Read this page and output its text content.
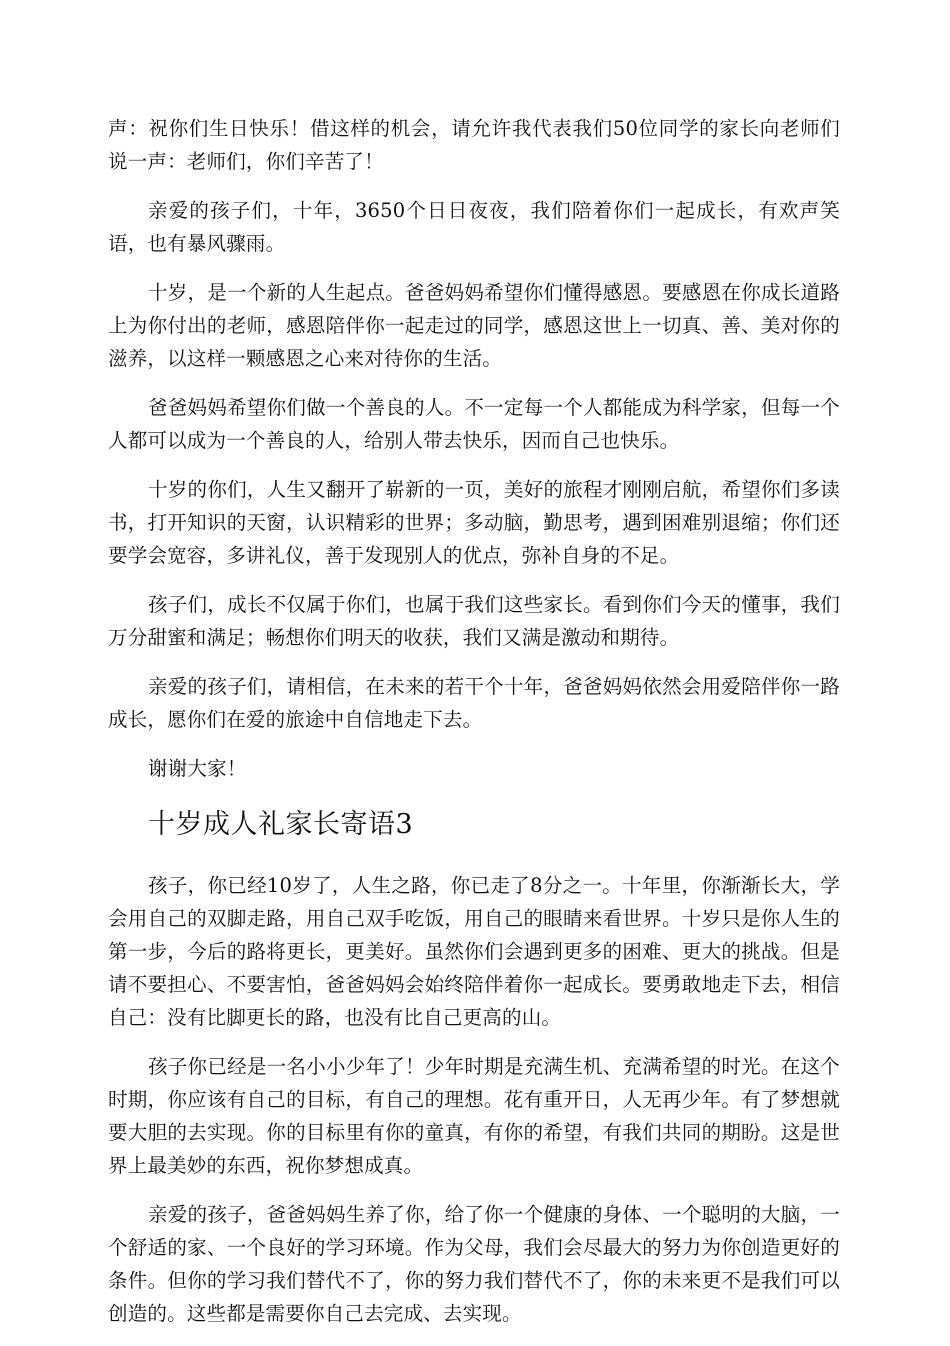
声：祝你们生日快乐！借这样的机会，请允许我代表我们50位同学的家长向老师们说一声：老师们，你们辛苦了！

亲爱的孩子们，十年，3650个日日夜夜，我们陪着你们一起成长，有欢声笑语，也有暴风骤雨。

十岁，是一个新的人生起点。爸爸妈妈希望你们懂得感恩。要感恩在你成长道路上为你付出的老师，感恩陪伴你一起走过的同学，感恩这世上一切真、善、美对你的滋养，以这样一颗感恩之心来对待你的生活。

爸爸妈妈希望你们做一个善良的人。不一定每一个人都能成为科学家，但每一个人都可以成为一个善良的人，给别人带去快乐，因而自己也快乐。

十岁的你们，人生又翻开了崭新的一页，美好的旅程才刚刚启航，希望你们多读书，打开知识的天窗，认识精彩的世界；多动脑，勤思考，遇到困难别退缩；你们还要学会宽容，多讲礼仪，善于发现别人的优点，弥补自身的不足。

孩子们，成长不仅属于你们，也属于我们这些家长。看到你们今天的懂事，我们万分甜蜜和满足；畅想你们明天的收获，我们又满是激动和期待。

亲爱的孩子们，请相信，在未来的若干个十年，爸爸妈妈依然会用爱陪伴你一路成长，愿你们在爱的旅途中自信地走下去。

谢谢大家！

十岁成人礼家长寄语3

孩子，你已经10岁了，人生之路，你已走了8分之一。十年里，你渐渐长大，学会用自己的双脚走路，用自己双手吃饭，用自己的眼睛来看世界。十岁只是你人生的第一步，今后的路将更长，更美好。虽然你们会遇到更多的困难、更大的挑战。但是请不要担心、不要害怕，爸爸妈妈会始终陪伴着你一起成长。要勇敢地走下去，相信自己：没有比脚更长的路，也没有比自己更高的山。

孩子你已经是一名小小少年了！少年时期是充满生机、充满希望的时光。在这个时期，你应该有自己的目标，有自己的理想。花有重开日，人无再少年。有了梦想就要大胆的去实现。你的目标里有你的童真，有你的希望，有我们共同的期盼。这是世界上最美妙的东西，祝你梦想成真。

亲爱的孩子，爸爸妈妈生养了你，给了你一个健康的身体、一个聪明的大脑，一个舒适的家、一个良好的学习环境。作为父母，我们会尽最大的努力为你创造更好的条件。但你的学习我们替代不了，你的努力我们替代不了，你的未来更不是我们可以创造的。这些都是需要你自己去完成、去实现。
